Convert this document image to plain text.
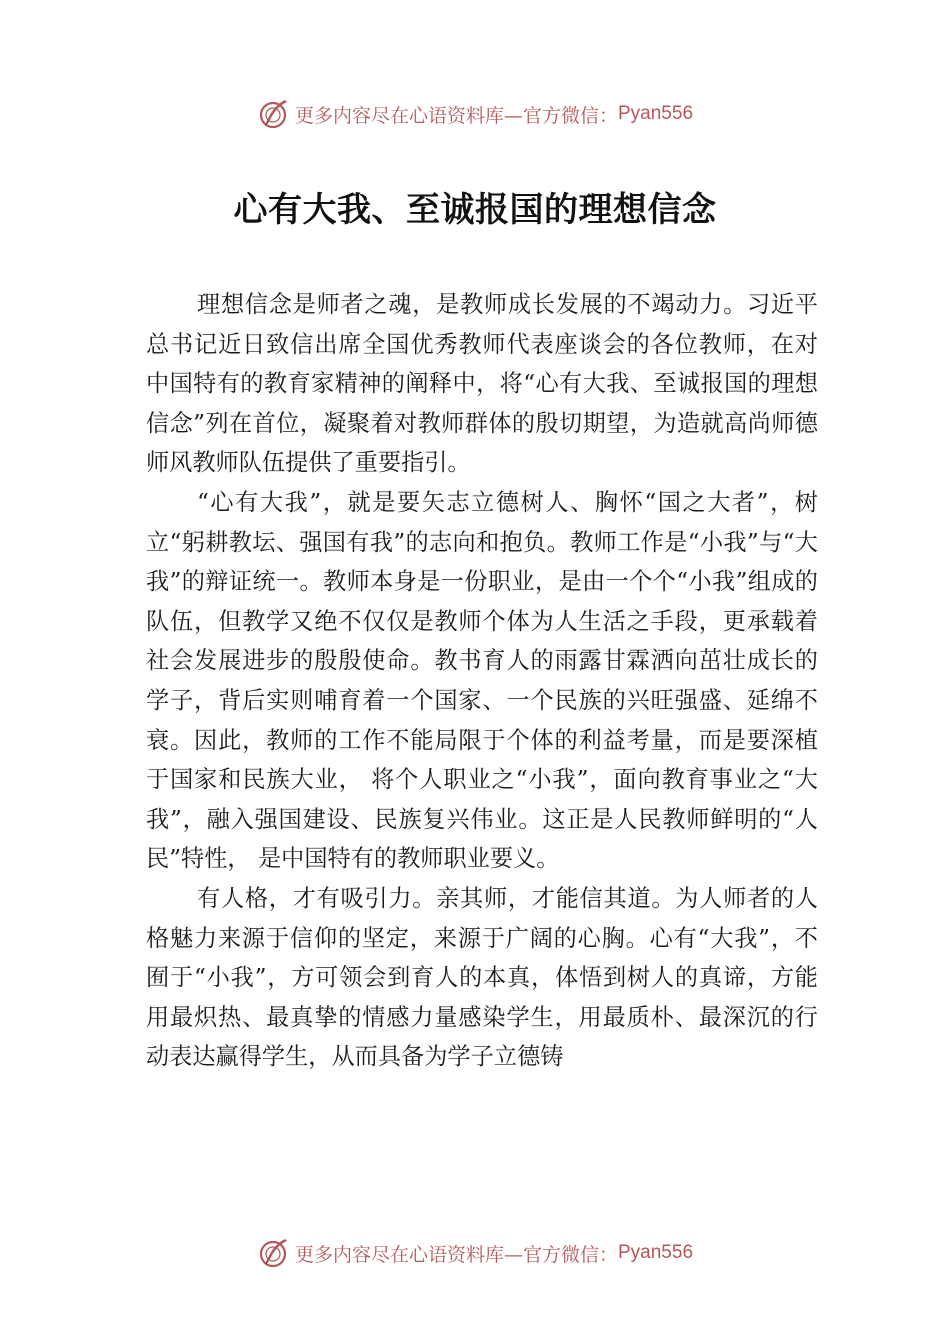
更多内容尽在心语资料库—官方微信： Pyan556
心有大我、至诚报国的理想信念

理想信念是师者之魂，是教师成长发展的不竭动力。习近平总书记近日致信出席全国优秀教师代表座谈会的各位教师，在对中国特有的教育家精神的阐释中，将“心有大我、至诚报国的理想信念”列在首位，凝聚着对教师群体的殷切期望，为造就高尚师德师风教师队伍提供了重要指引。

“心有大我”，就是要矢志立德树人、胸怀“国之大者”，树立“躬耕教坛、强国有我”的志向和抱负。教师工作是“小我”与“大我”的辩证统一。教师本身是一份职业，是由一个个“小我”组成的队伍，但教学又绝不仅仅是教师个体为人生活之手段，更承载着社会发展进步的殷殷使命。教书育人的雨露甘霖洒向茁壮成长的学子，背后实则哺育着一个国家、一个民族的兴旺强盛、延绵不衰。因此，教师的工作不能局限于个体的利益考量，而是要深植于国家和民族大业， 将个人职业之“小我”，面向教育事业之“大我”，融入强国建设、民族复兴伟业。这正是人民教师鲜明的“人民”特性， 是中国特有的教师职业要义。

有人格，才有吸引力。亲其师，才能信其道。为人师者的人格魅力来源于信仰的坚定，来源于广阔的心胸。心有“大我”，不囿于“小我”，方可领会到育人的本真，体悟到树人的真谛，方能用最炽热、最真挚的情感力量感染学生，用最质朴、最深沉的行动表达赢得学生，从而具备为学子立德铸

更多内容尽在心语资料库—官方微信： Pyan556
